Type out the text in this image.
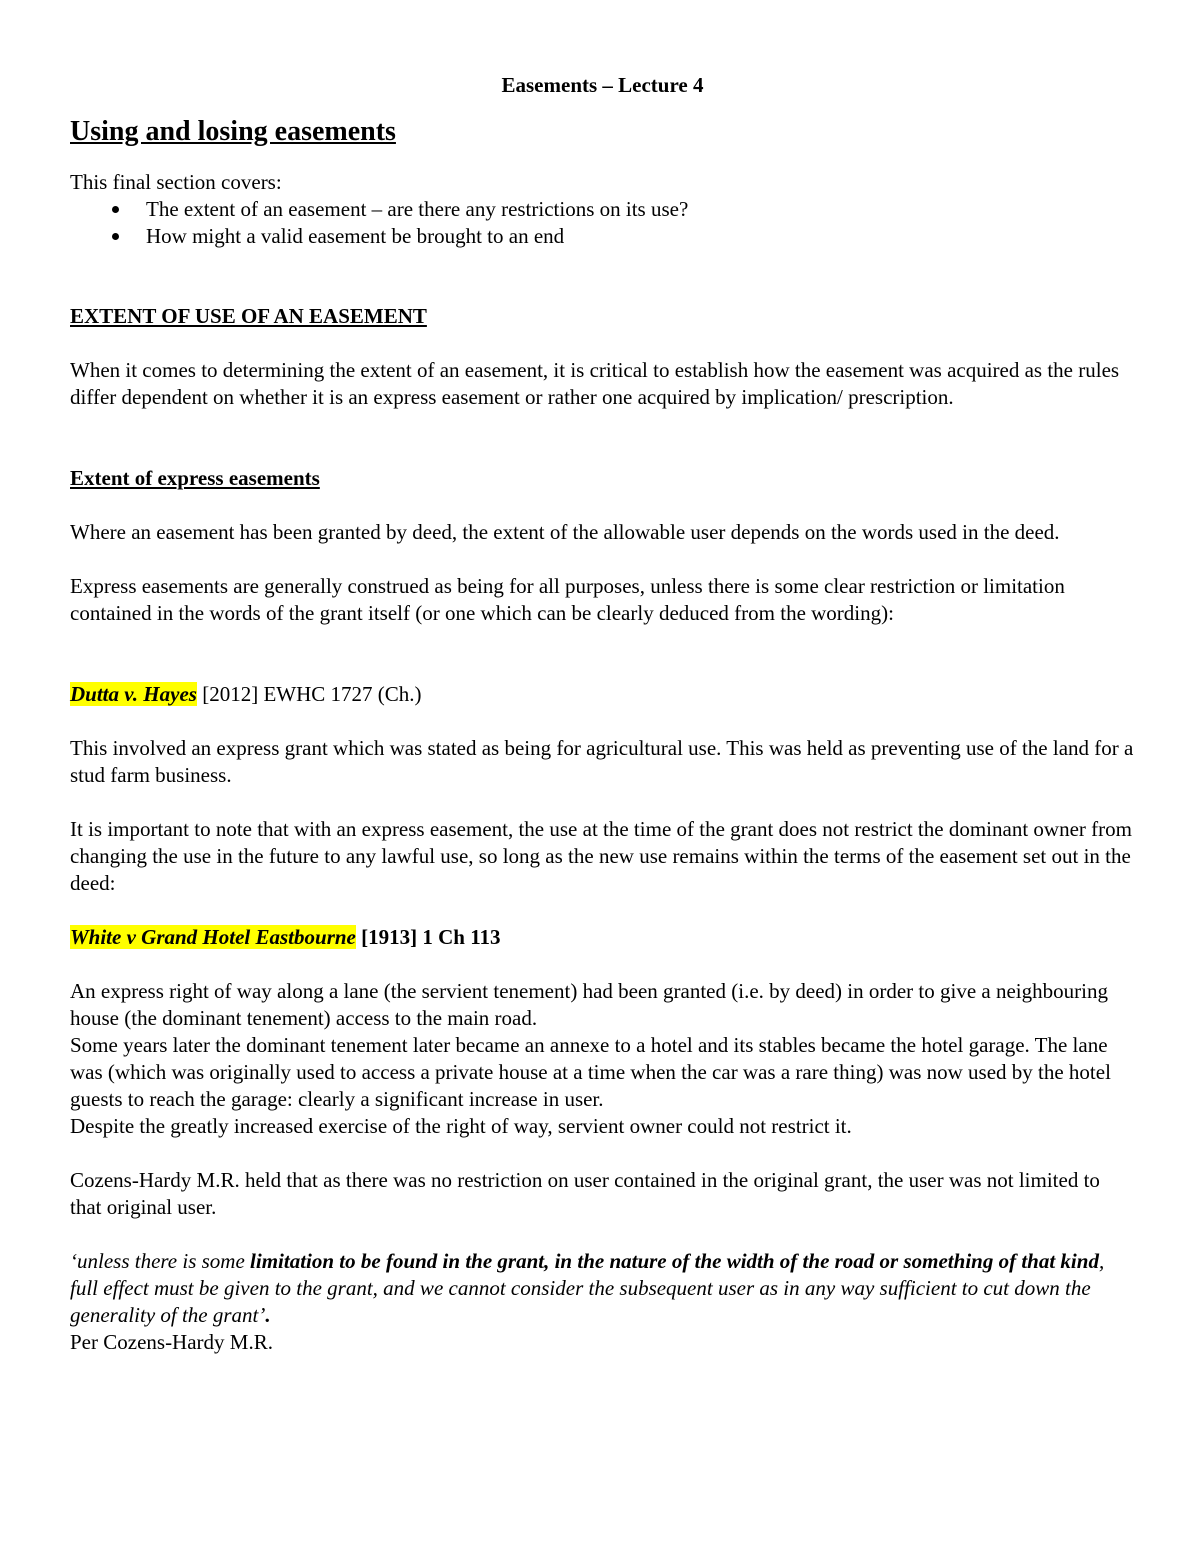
Easements – Lecture 4

Using and losing easements

This final section covers:

The extent of an easement – are there any restrictions on its use?
How might a valid easement be brought to an end

EXTENT OF USE OF AN EASEMENT

When it comes to determining the extent of an easement, it is critical to establish how the easement was acquired as the rules differ dependent on whether it is an express easement or rather one acquired by implication/ prescription.

Extent of express easements

Where an easement has been granted by deed, the extent of the allowable user depends on the words used in the deed.

Express easements are generally construed as being for all purposes, unless there is some clear restriction or limitation contained in the words of the grant itself (or one which can be clearly deduced from the wording):

Dutta v. Hayes [2012] EWHC 1727 (Ch.)

This involved an express grant which was stated as being for agricultural use. This was held as preventing use of the land for a stud farm business.

It is important to note that with an express easement, the use at the time of the grant does not restrict the dominant owner from changing the use in the future to any lawful use, so long as the new use remains within the terms of the easement set out in the deed:

White v Grand Hotel Eastbourne [1913] 1 Ch 113

An express right of way along a lane (the servient tenement) had been granted (i.e. by deed) in order to give a neighbouring house (the dominant tenement) access to the main road.

Some years later the dominant tenement later became an annexe to a hotel and its stables became the hotel garage. The lane was (which was originally used to access a private house at a time when the car was a rare thing) was now used by the hotel guests to reach the garage: clearly a significant increase in user.

Despite the greatly increased exercise of the right of way, servient owner could not restrict it.

Cozens-Hardy M.R. held that as there was no restriction on user contained in the original grant, the user was not limited to that original user.

‘unless there is some limitation to be found in the grant, in the nature of the width of the road or something of that kind, full effect must be given to the grant, and we cannot consider the subsequent user as in any way sufficient to cut down the generality of the grant’.

Per Cozens-Hardy M.R.
